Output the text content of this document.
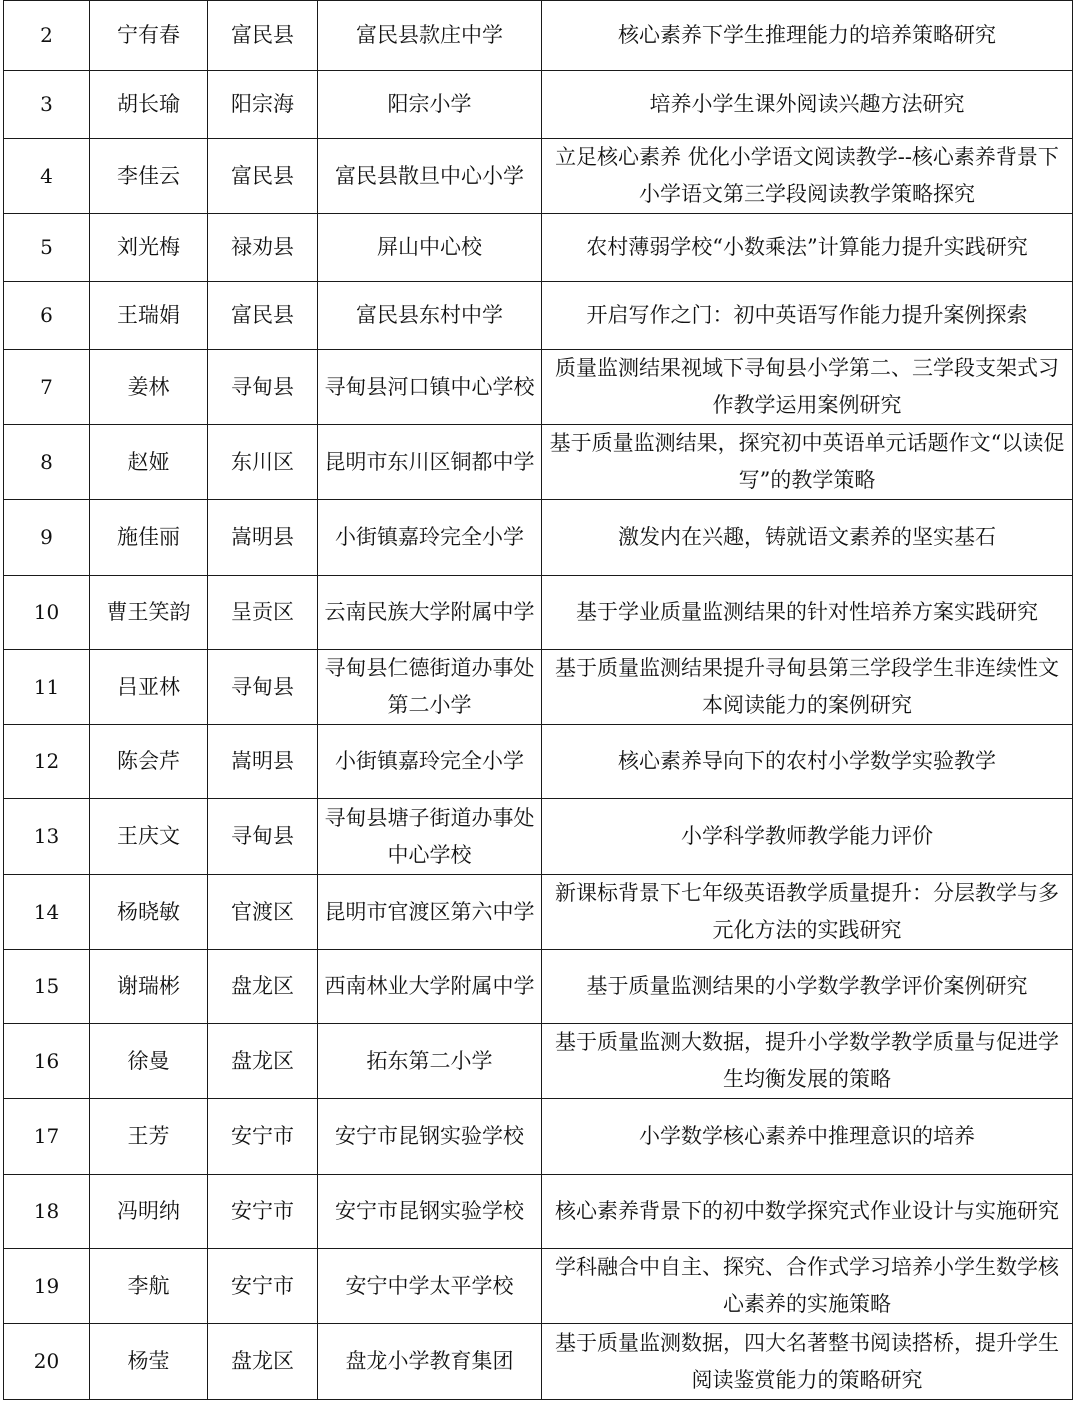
2	宁有春	富民县	富民县款庄中学	核心素养下学生推理能力的培养策略研究
3	胡长瑜	阳宗海	阳宗小学	培养小学生课外阅读兴趣方法研究
4	李佳云	富民县	富民县散旦中心小学	立足核心素养 优化小学语文阅读教学--核心素养背景下小学语文第三学段阅读教学策略探究
5	刘光梅	禄劝县	屏山中心校	农村薄弱学校“小数乘法”计算能力提升实践研究
6	王瑞娟	富民县	富民县东村中学	开启写作之门：初中英语写作能力提升案例探索
7	姜林	寻甸县	寻甸县河口镇中心学校	质量监测结果视域下寻甸县小学第二、三学段支架式习作教学运用案例研究
8	赵娅	东川区	昆明市东川区铜都中学	基于质量监测结果，探究初中英语单元话题作文“以读促写”的教学策略
9	施佳丽	嵩明县	小街镇嘉玲完全小学	激发内在兴趣，铸就语文素养的坚实基石
10	曹王笑韵	呈贡区	云南民族大学附属中学	基于学业质量监测结果的针对性培养方案实践研究
11	吕亚林	寻甸县	寻甸县仁德街道办事处第二小学	基于质量监测结果提升寻甸县第三学段学生非连续性文本阅读能力的案例研究
12	陈会芹	嵩明县	小街镇嘉玲完全小学	核心素养导向下的农村小学数学实验教学
13	王庆文	寻甸县	寻甸县塘子街道办事处中心学校	小学科学教师教学能力评价
14	杨晓敏	官渡区	昆明市官渡区第六中学	新课标背景下七年级英语教学质量提升：分层教学与多元化方法的实践研究
15	谢瑞彬	盘龙区	西南林业大学附属中学	基于质量监测结果的小学数学教学评价案例研究
16	徐曼	盘龙区	拓东第二小学	基于质量监测大数据，提升小学数学教学质量与促进学生均衡发展的策略
17	王芳	安宁市	安宁市昆钢实验学校	小学数学核心素养中推理意识的培养
18	冯明纳	安宁市	安宁市昆钢实验学校	核心素养背景下的初中数学探究式作业设计与实施研究
19	李航	安宁市	安宁中学太平学校	学科融合中自主、探究、合作式学习培养小学生数学核心素养的实施策略
20	杨莹	盘龙区	盘龙小学教育集团	基于质量监测数据，四大名著整书阅读搭桥，提升学生阅读鉴赏能力的策略研究
